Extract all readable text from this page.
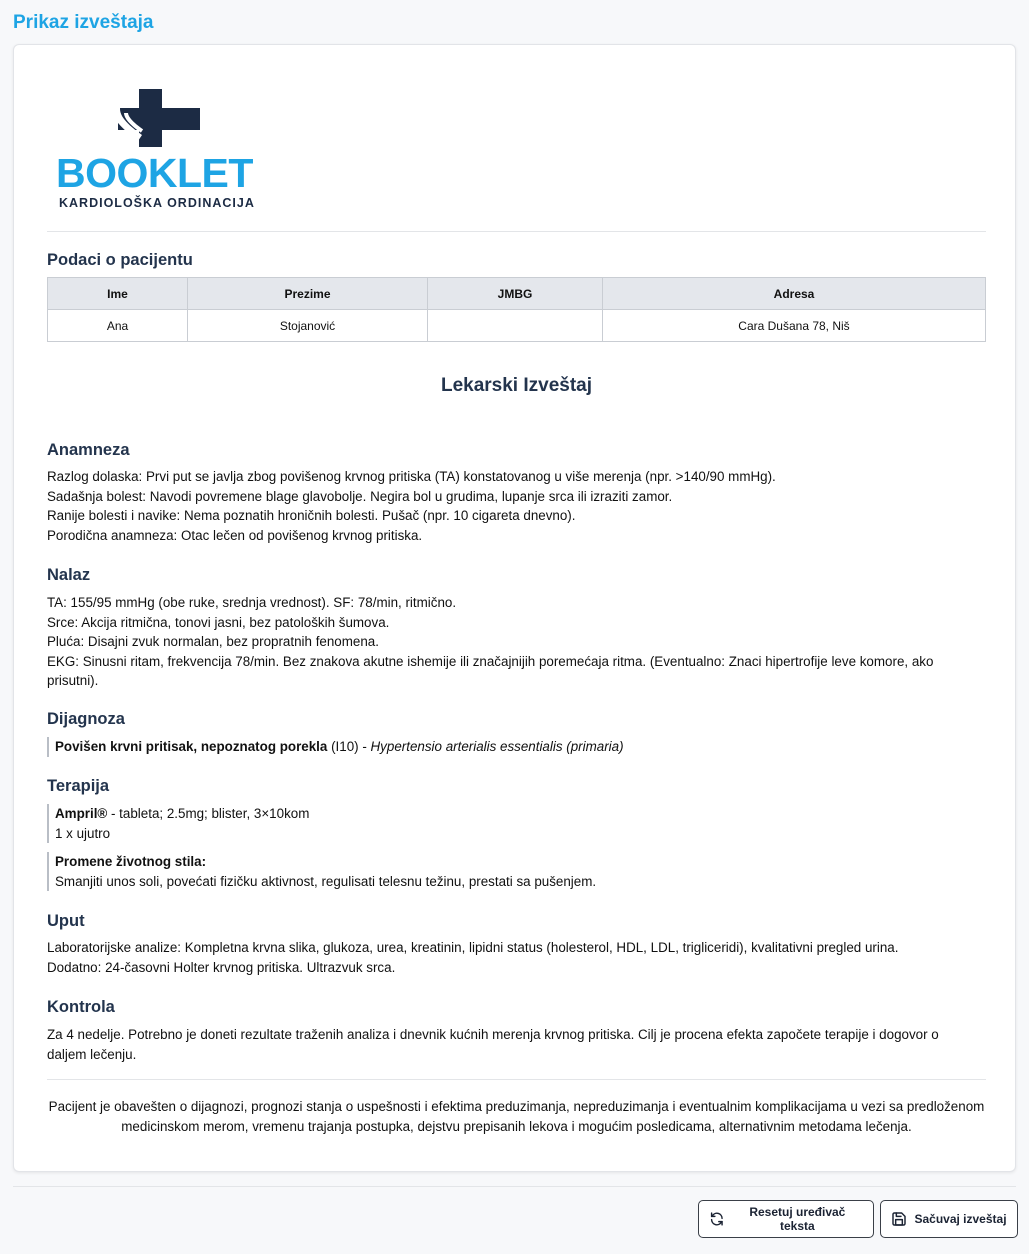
Prikaz izveštaja
BOOKLET
KARDIOLOŠKA ORDINACIJA
Podaci o pacijentu
Ime	Prezime	JMBG	Adresa
Ana	Stojanović		Cara Dušana 78, Niš
Lekarski Izveštaj
Anamneza
Razlog dolaska: Prvi put se javlja zbog povišenog krvnog pritiska (TA) konstatovanog u više merenja (npr. >140/90 mmHg).
Sadašnja bolest: Navodi povremene blage glavobolje. Negira bol u grudima, lupanje srca ili izraziti zamor.
Ranije bolesti i navike: Nema poznatih hroničnih bolesti. Pušač (npr. 10 cigareta dnevno).
Porodična anamneza: Otac lečen od povišenog krvnog pritiska.
Nalaz
TA: 155/95 mmHg (obe ruke, srednja vrednost). SF: 78/min, ritmično.
Srce: Akcija ritmična, tonovi jasni, bez patoloških šumova.
Pluća: Disajni zvuk normalan, bez propratnih fenomena.
EKG: Sinusni ritam, frekvencija 78/min. Bez znakova akutne ishemije ili značajnijih poremećaja ritma. (Eventualno: Znaci hipertrofije leve komore, ako prisutni).
Dijagnoza
Povišen krvni pritisak, nepoznatog porekla (I10) - Hypertensio arterialis essentialis (primaria)
Terapija
Ampril® - tableta; 2.5mg; blister, 3×10kom
1 x ujutro
Promene životnog stila:
Smanjiti unos soli, povećati fizičku aktivnost, regulisati telesnu težinu, prestati sa pušenjem.
Uput
Laboratorijske analize: Kompletna krvna slika, glukoza, urea, kreatinin, lipidni status (holesterol, HDL, LDL, trigliceridi), kvalitativni pregled urina.
Dodatno: 24-časovni Holter krvnog pritiska. Ultrazvuk srca.
Kontrola
Za 4 nedelje. Potrebno je doneti rezultate traženih analiza i dnevnik kućnih merenja krvnog pritiska. Cilj je procena efekta započete terapije i dogovor o daljem lečenju.

Pacijent je obavešten o dijagnozi, prognozi stanja o uspešnosti i efektima preduzimanja, nepreduzimanja i eventualnim komplikacijama u vezi sa predloženom medicinskom merom, vremenu trajanja postupka, dejstvu prepisanih lekova i mogućim posledicama, alternativnim metodama lečenja.

Resetuj uređivač teksta	Sačuvaj izveštaj
